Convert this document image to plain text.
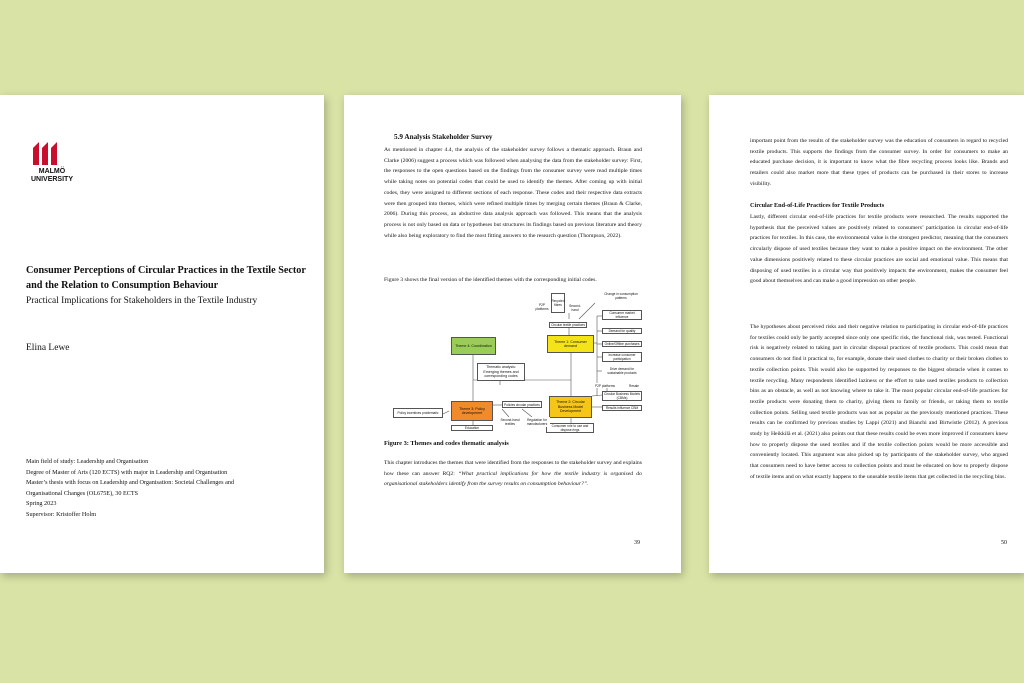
MALMÖ UNIVERSITY
Consumer Perceptions of Circular Practices in the Textile Sector and the Relation to Consumption Behaviour
Practical Implications for Stakeholders in the Textile Industry
Elina Lewe
Main field of study: Leadership and Organisation
Degree of Master of Arts (120 ECTS) with major in Leadership and Organisation
Master’s thesis with focus on Leadership and Organisation: Societal Challenges and
Organisational Changes (OL675E), 30 ECTS
Spring 2023
Supervisor: Kristoffer Holm
5.9 Analysis Stakeholder Survey
As mentioned in chapter 4.4, the analysis of the stakeholder survey follows a thematic approach. Braun and Clarke (2006) suggest a process which was followed when analysing the data from the stakeholder survey: First, the responses to the open questions based on the findings from the consumer survey were read multiple times while taking notes on potential codes that could be used to identify the themes. After coming up with initial codes, they were assigned to different sections of each response. These codes and their respective data extracts were then grouped into themes, which were refined multiple times by merging certain themes (Braun & Clarke, 2006). During this process, an abductive data analysis approach was followed. This means that the analysis process is not only based on data or hypotheses but structures its findings based on previous literature and theory while also being exploratory to find the most fitting answers to the research question (Thompson, 2022).
Figure 3 shows the final version of the identified themes with the corresponding initial codes.
Recycled fibres
P2P platforms
Second-hand
Change in consumption patterns
Circular textile practices
Theme 1: Consumer demand
Theme 4: Coordination
Thematic analysis: Emerging themes and corresponding codes
Consumer market influence
Demand for quality
Online/Offline purchases
Increase consumer participation
Drive demand for sustainable products
P2P platforms	Resale
Circular Business Models (CBMs)
Results influence CBM
Theme 2: Circular Business Model Development
Consumer role to use and dispose rings
Theme 3: Policy development
Policy incentives problematic
Education
Policies circular practices
Second-hand textiles
Regulation for manufacturers
Figure 3: Themes and codes thematic analysis
This chapter introduces the themes that were identified from the responses to the stakeholder survey and explains how these can answer RQ2: “What practical implications for how the textile industry is organised do organisational stakeholders identify from the survey results on consumption behaviour?”.
39
important point from the results of the stakeholder survey was the education of consumers in regard to recycled textile products. This supports the findings from the consumer survey. In order for consumers to make an educated purchase decision, it is important to know what the fibre recycling process looks like. Brands and retailers could also market more that these types of products can be purchased in their stores to increase visibility.
Circular End-of-Life Practices for Textile Products
Lastly, different circular end-of-life practices for textile products were researched. The results supported the hypothesis that the perceived values are positively related to consumers’ participation in circular end-of-life practices for textiles. In this case, the environmental value is the strongest predictor, meaning that the consumers circularly dispose of used textiles because they want to make a positive impact on the environment. The other value dimensions positively related to these circular practices are social and emotional value. This means that disposing of used textiles in a circular way that positively impacts the environment, makes the consumer feel good about themselves and can make a good impression on other people.
The hypotheses about perceived risks and their negative relation to participating in circular end-of-life practices for textiles could only be partly accepted since only one specific risk, the functional risk, was tested. Functional risk is negatively related to taking part in circular disposal practices of textile products. This could mean that consumers do not find it practical to, for example, donate their used clothes to charity or their broken clothes to textile collection points. This would also be supported by responses to the biggest obstacle when it comes to textile recycling. Many respondents identified laziness or the effort to take used textiles products to collection bins as an obstacle, as well as not knowing where to take it. The most popular circular end-of-life practices for textile products were donating them to charity, giving them to family or friends, or taking them to textile collection points. Selling used textile products was not as popular as the previously mentioned practices. These results can be confirmed by previous studies by Lappi (2021) and Bianchi and Birtwistle (2012). A previous study by Heikkilä et al. (2021) also points out that these results could be even more improved if consumers knew how to properly dispose the used textiles and if the textile collection points would be more accessible and conveniently located. This argument was also picked up by participants of the stakeholder survey, who argued that consumers need to have better access to collection points and must be educated on how to properly dispose of textile items and on what exactly happens to the unusable textile items that get collected in the recycling bins.
50
